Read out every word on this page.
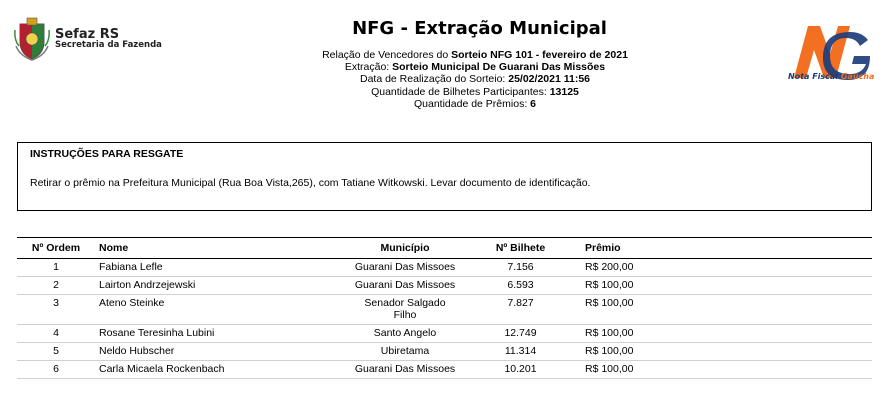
Sefaz RS
Secretaria da Fazenda
NFG - Extração Municipal
Relação de Vencedores do Sorteio NFG 101 - fevereiro de 2021
Extração: Sorteio Municipal De Guarani Das Missões
Data de Realização do Sorteio: 25/02/2021 11:56
Quantidade de Bilhetes Participantes: 13125
Quantidade de Prêmios: 6
Nota Fiscal Gaúcha
INSTRUÇÕES PARA RESGATE
Retirar o prêmio na Prefeitura Municipal (Rua Boa Vista,265), com Tatiane Witkowski. Levar documento de identificação.
Nº Ordem	Nome	Município	Nº Bilhete	Prêmio
1	Fabiana Lefle	Guarani Das Missoes	7.156	R$ 200,00
2	Lairton Andrzejewski	Guarani Das Missoes	6.593	R$ 100,00
3	Ateno Steinke	Senador Salgado Filho	7.827	R$ 100,00
4	Rosane Teresinha Lubini	Santo Angelo	12.749	R$ 100,00
5	Neldo Hubscher	Ubiretama	11.314	R$ 100,00
6	Carla Micaela Rockenbach	Guarani Das Missoes	10.201	R$ 100,00
